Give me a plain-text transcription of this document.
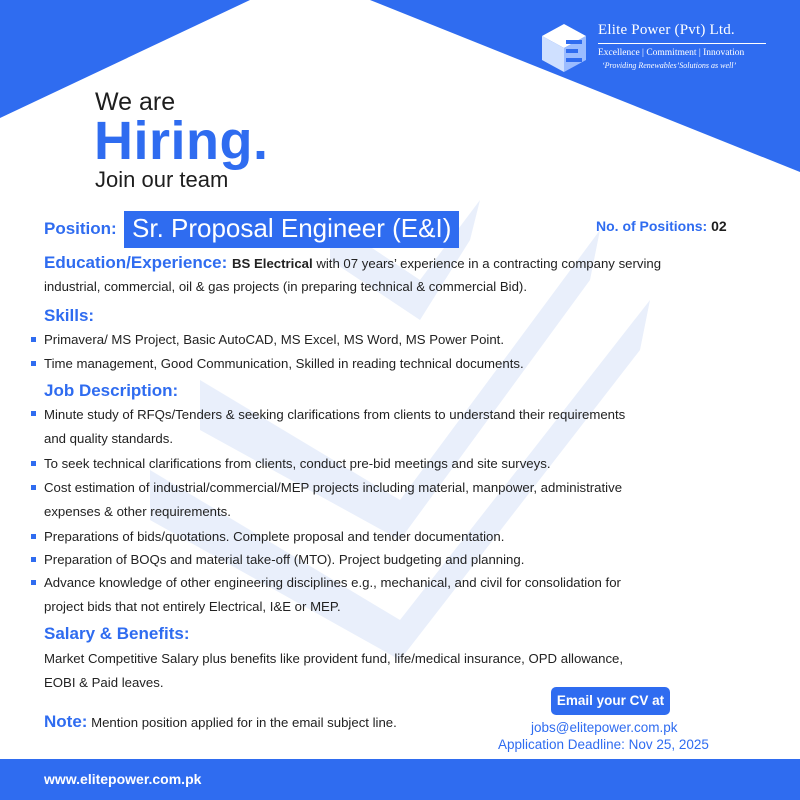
Elite Power (Pvt) Ltd.
Excellence | Commitment | Innovation
‘Providing Renewables’Solutions as well’
We are
Hiring.
Join our team
Position: Sr. Proposal Engineer (E&I)	No. of Positions: 02
Education/Experience: BS Electrical with 07 years’ experience in a contracting company serving
industrial, commercial, oil & gas projects (in preparing technical & commercial Bid).
Skills:
Primavera/ MS Project, Basic AutoCAD, MS Excel, MS Word, MS Power Point.
Time management, Good Communication, Skilled in reading technical documents.
Job Description:
Minute study of RFQs/Tenders & seeking clarifications from clients to understand their requirements
and quality standards.
To seek technical clarifications from clients, conduct pre-bid meetings and site surveys.
Cost estimation of industrial/commercial/MEP projects including material, manpower, administrative
expenses & other requirements.
Preparations of bids/quotations. Complete proposal and tender documentation.
Preparation of BOQs and material take-off (MTO). Project budgeting and planning.
Advance knowledge of other engineering disciplines e.g., mechanical, and civil for consolidation for
project bids that not entirely Electrical, I&E or MEP.
Salary & Benefits:
Market Competitive Salary plus benefits like provident fund, life/medical insurance, OPD allowance,
EOBI & Paid leaves.
Note: Mention position applied for in the email subject line.
Email your CV at
jobs@elitepower.com.pk
Application Deadline: Nov 25, 2025
www.elitepower.com.pk
